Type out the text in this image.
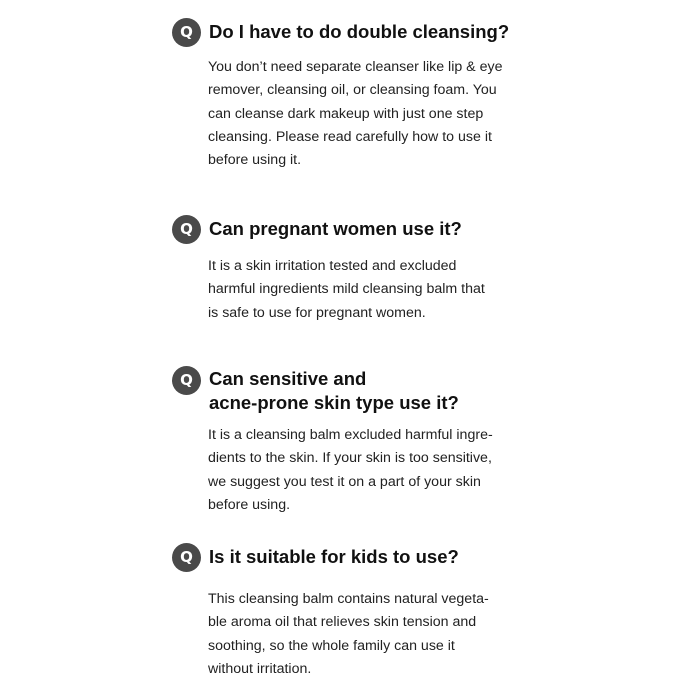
Q Do I have to do double cleansing?

You don’t need separate cleanser like lip & eye
remover, cleansing oil, or cleansing foam. You
can cleanse dark makeup with just one step
cleansing. Please read carefully how to use it
before using it.

Q Can pregnant women use it?

It is a skin irritation tested and excluded
harmful ingredients mild cleansing balm that
is safe to use for pregnant women.

Q Can sensitive and
acne-prone skin type use it?

It is a cleansing balm excluded harmful ingre-
dients to the skin. If your skin is too sensitive,
we suggest you test it on a part of your skin
before using.

Q Is it suitable for kids to use?

This cleansing balm contains natural vegeta-
ble aroma oil that relieves skin tension and
soothing, so the whole family can use it
without irritation.
